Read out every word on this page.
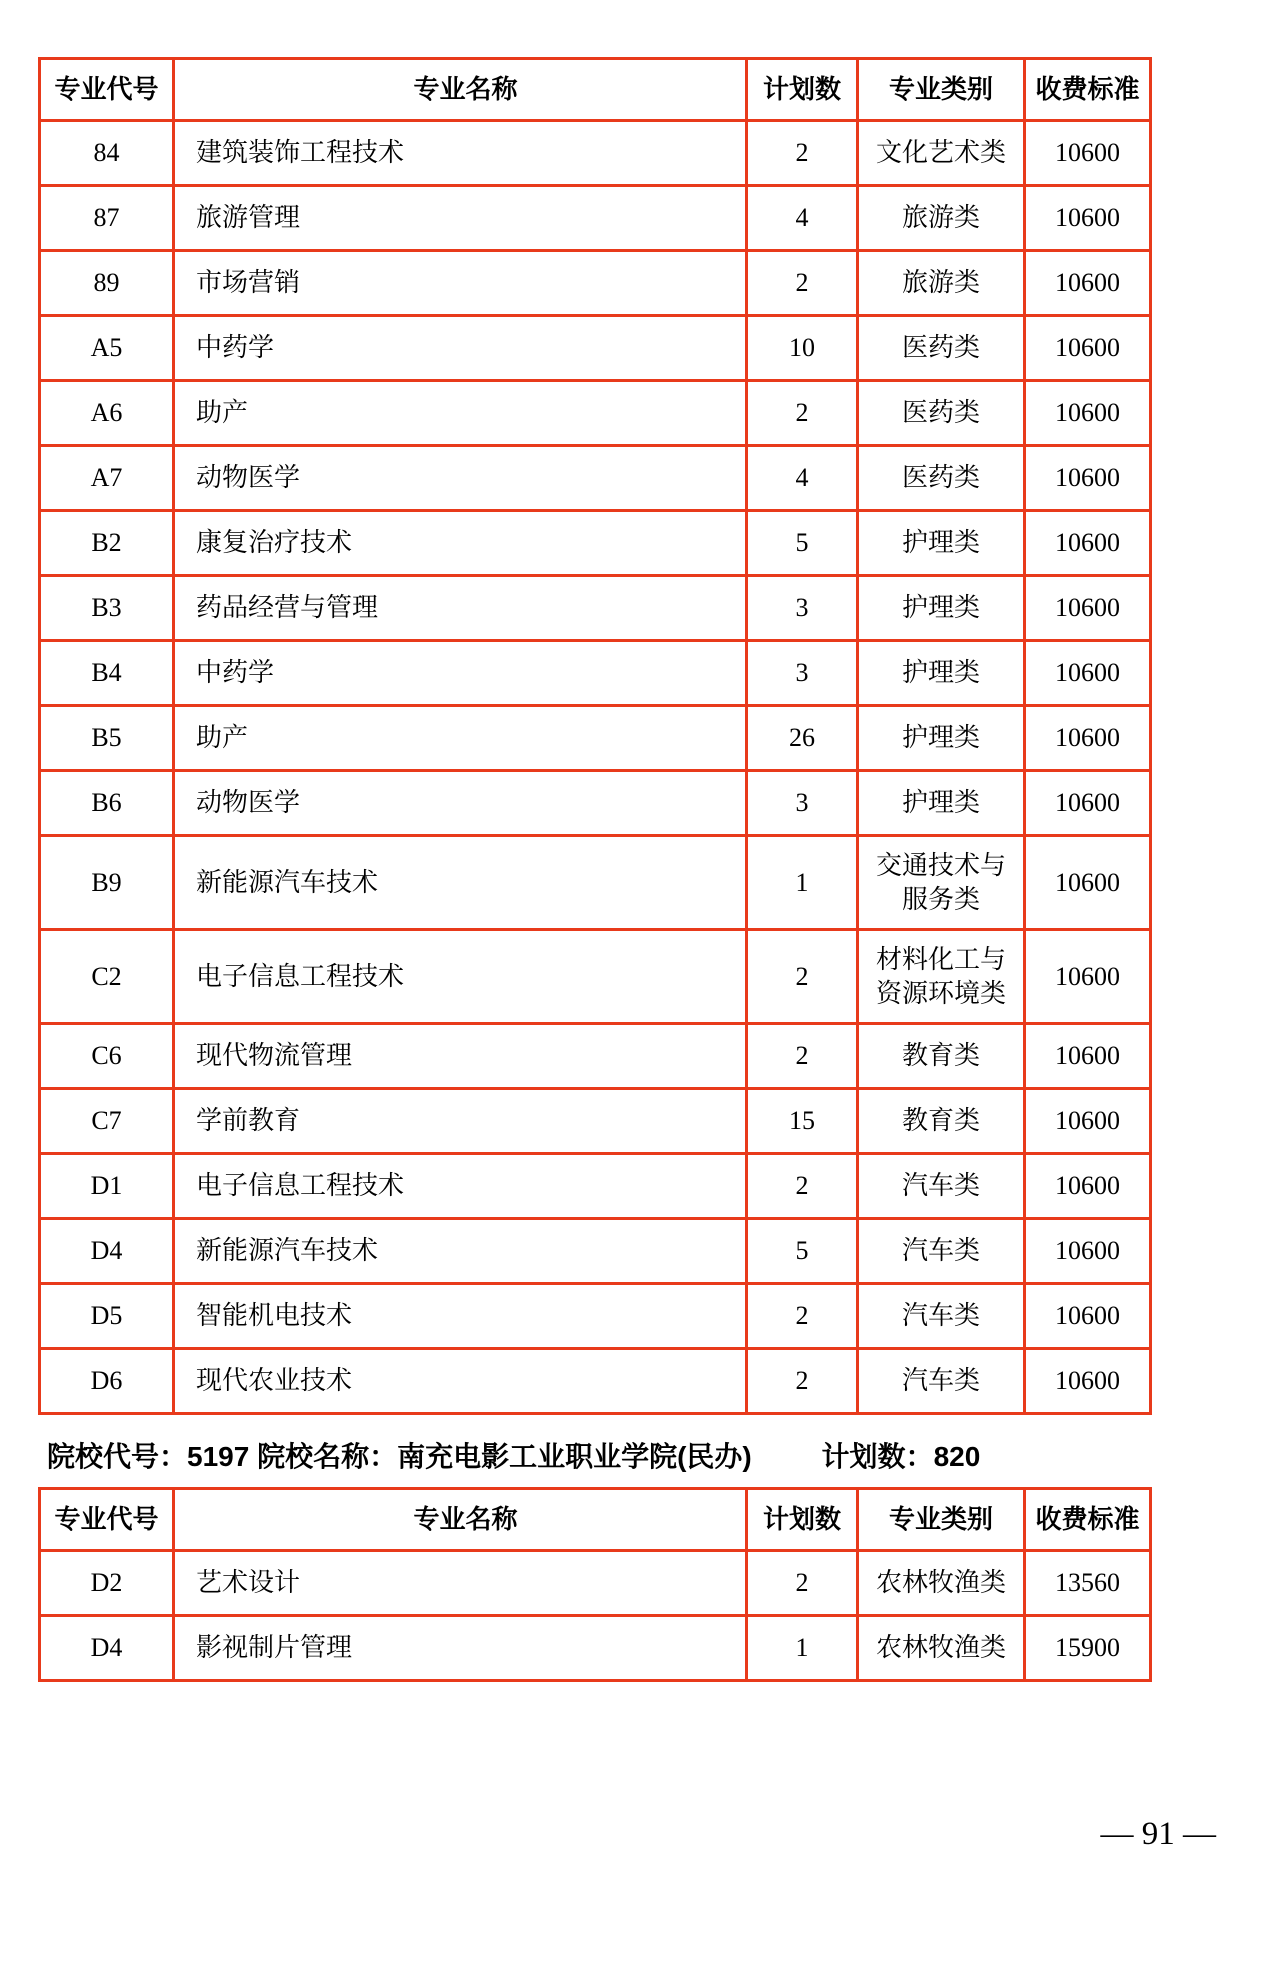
专业代号	专业名称	计划数	专业类别	收费标准
84	建筑装饰工程技术	2	文化艺术类	10600
87	旅游管理	4	旅游类	10600
89	市场营销	2	旅游类	10600
A5	中药学	10	医药类	10600
A6	助产	2	医药类	10600
A7	动物医学	4	医药类	10600
B2	康复治疗技术	5	护理类	10600
B3	药品经营与管理	3	护理类	10600
B4	中药学	3	护理类	10600
B5	助产	26	护理类	10600
B6	动物医学	3	护理类	10600
B9	新能源汽车技术	1	交通技术与服务类	10600
C2	电子信息工程技术	2	材料化工与资源环境类	10600
C6	现代物流管理	2	教育类	10600
C7	学前教育	15	教育类	10600
D1	电子信息工程技术	2	汽车类	10600
D4	新能源汽车技术	5	汽车类	10600
D5	智能机电技术	2	汽车类	10600
D6	现代农业技术	2	汽车类	10600
院校代号：5197 院校名称：南充电影工业职业学院(民办) 计划数：820
专业代号	专业名称	计划数	专业类别	收费标准
D2	艺术设计	2	农林牧渔类	13560
D4	影视制片管理	1	农林牧渔类	15900
— 91 —
